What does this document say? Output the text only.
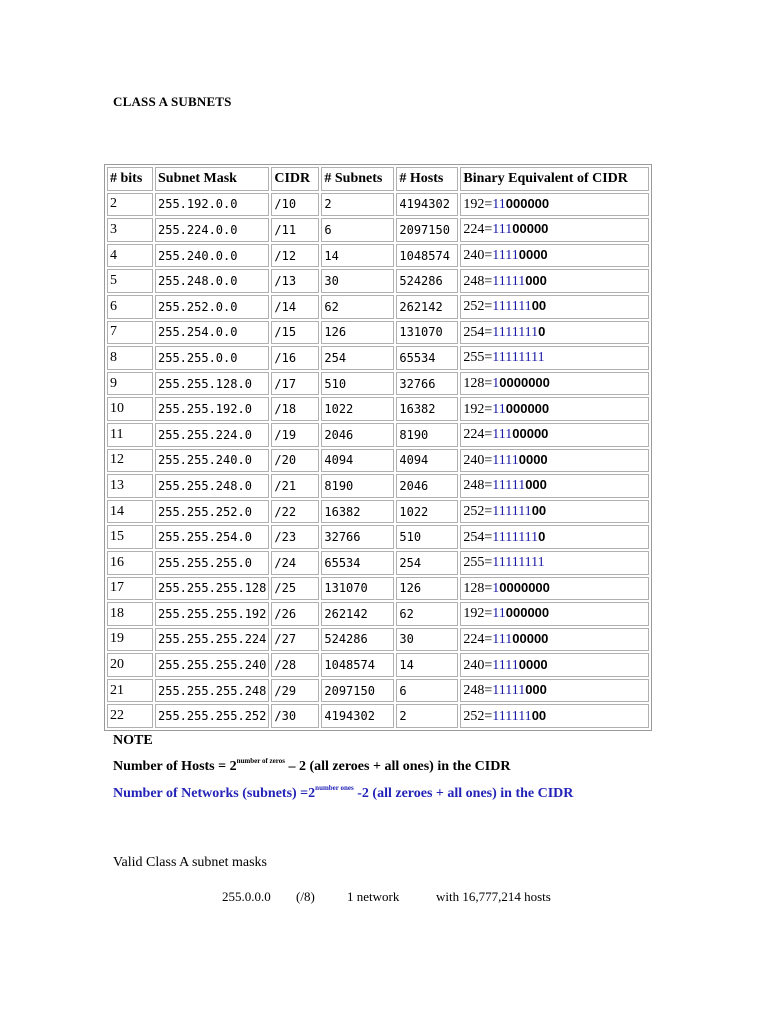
CLASS A SUBNETS
# bits	Subnet Mask	CIDR	# Subnets	# Hosts	Binary Equivalent of CIDR
2	255.192.0.0	/10	2	4194302	192=11000000
3	255.224.0.0	/11	6	2097150	224=11100000
4	255.240.0.0	/12	14	1048574	240=11110000
5	255.248.0.0	/13	30	524286	248=11111000
6	255.252.0.0	/14	62	262142	252=11111100
7	255.254.0.0	/15	126	131070	254=11111110
8	255.255.0.0	/16	254	65534	255=11111111
9	255.255.128.0	/17	510	32766	128=10000000
10	255.255.192.0	/18	1022	16382	192=11000000
11	255.255.224.0	/19	2046	8190	224=11100000
12	255.255.240.0	/20	4094	4094	240=11110000
13	255.255.248.0	/21	8190	2046	248=11111000
14	255.255.252.0	/22	16382	1022	252=11111100
15	255.255.254.0	/23	32766	510	254=11111110
16	255.255.255.0	/24	65534	254	255=11111111
17	255.255.255.128	/25	131070	126	128=10000000
18	255.255.255.192	/26	262142	62	192=11000000
19	255.255.255.224	/27	524286	30	224=11100000
20	255.255.255.240	/28	1048574	14	240=11110000
21	255.255.255.248	/29	2097150	6	248=11111000
22	255.255.255.252	/30	4194302	2	252=11111100
NOTE
Number of Hosts = $2^{number of zeros} - 2$ (all zeroes + all ones) in the CIDR
Number of Networks (subnets) $=2^{number ones}$ -2 (all zeroes + all ones) in the CIDR
Valid Class A subnet masks
255.0.0.0 (/8) 1 network	with 16,777,214 hosts
